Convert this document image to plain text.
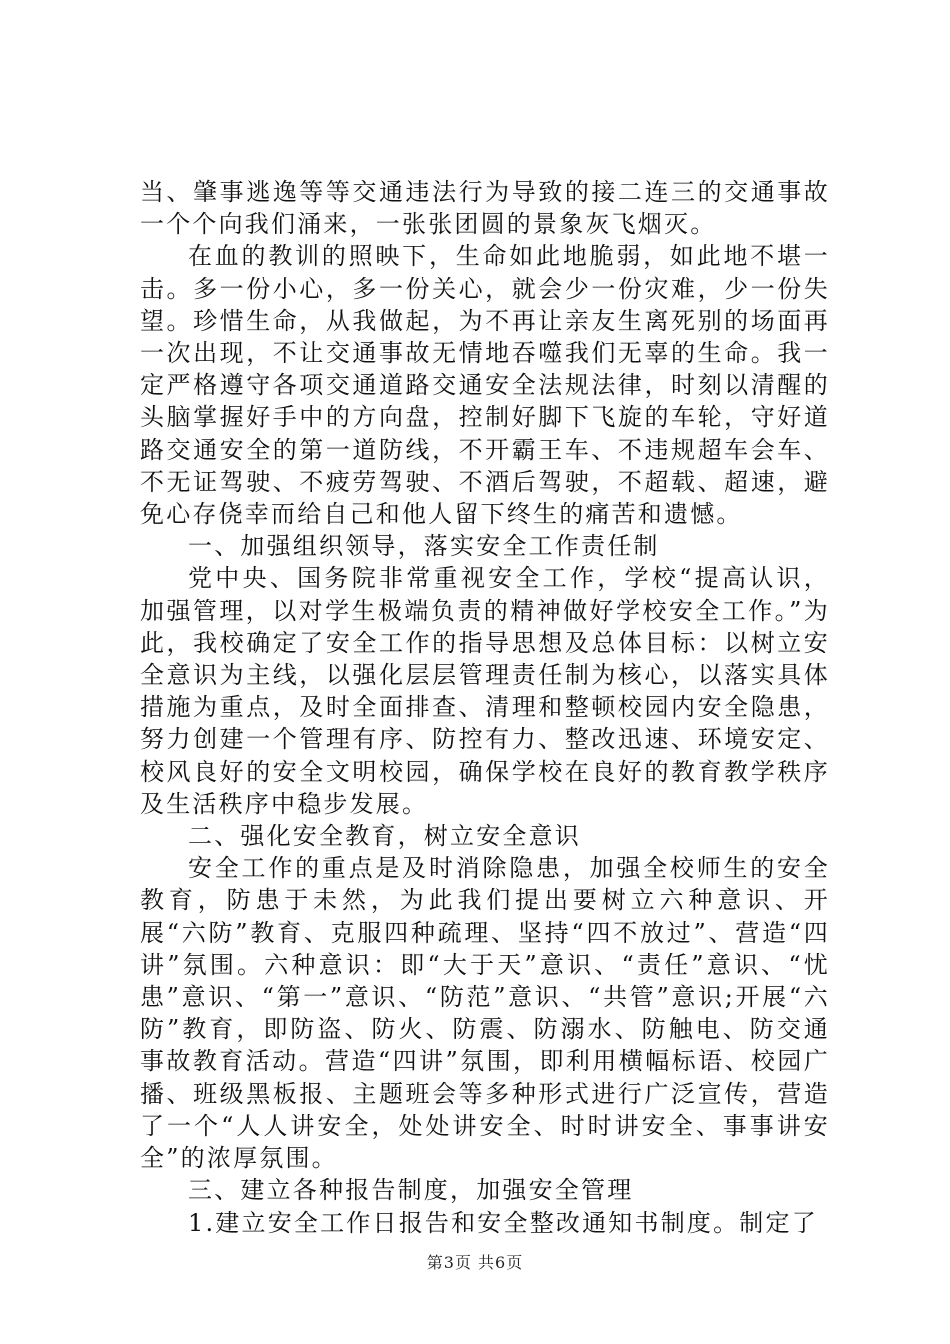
当、肇事逃逸等等交通违法行为导致的接二连三的交通事故一个个向我们涌来，一张张团圆的景象灰飞烟灭。

在血的教训的照映下，生命如此地脆弱，如此地不堪一击。多一份小心，多一份关心，就会少一份灾难，少一份失望。珍惜生命，从我做起，为不再让亲友生离死别的场面再一次出现，不让交通事故无情地吞噬我们无辜的生命。我一定严格遵守各项交通道路交通安全法规法律，时刻以清醒的头脑掌握好手中的方向盘，控制好脚下飞旋的车轮，守好道路交通安全的第一道防线，不开霸王车、不违规超车会车、不无证驾驶、不疲劳驾驶、不酒后驾驶，不超载、超速，避免心存侥幸而给自己和他人留下终生的痛苦和遗憾。

一、加强组织领导，落实安全工作责任制

党中央、国务院非常重视安全工作，学校“提高认识，加强管理，以对学生极端负责的精神做好学校安全工作。”为此，我校确定了安全工作的指导思想及总体目标：以树立安全意识为主线，以强化层层管理责任制为核心，以落实具体措施为重点，及时全面排查、清理和整顿校园内安全隐患，努力创建一个管理有序、防控有力、整改迅速、环境安定、校风良好的安全文明校园，确保学校在良好的教育教学秩序及生活秩序中稳步发展。

二、强化安全教育，树立安全意识

安全工作的重点是及时消除隐患，加强全校师生的安全教育，防患于未然，为此我们提出要树立六种意识、开展“六防”教育、克服四种疏理、坚持“四不放过”、营造“四讲”氛围。六种意识：即“大于天”意识、“责任”意识、“忧患”意识、“第一”意识、“防范”意识、“共管”意识;开展“六防”教育，即防盗、防火、防震、防溺水、防触电、防交通事故教育活动。营造“四讲”氛围，即利用横幅标语、校园广播、班级黑板报、主题班会等多种形式进行广泛宣传，营造了一个“人人讲安全，处处讲安全、时时讲安全、事事讲安全”的浓厚氛围。

三、建立各种报告制度，加强安全管理

1.建立安全工作日报告和安全整改通知书制度。制定了

第3页 共6页
